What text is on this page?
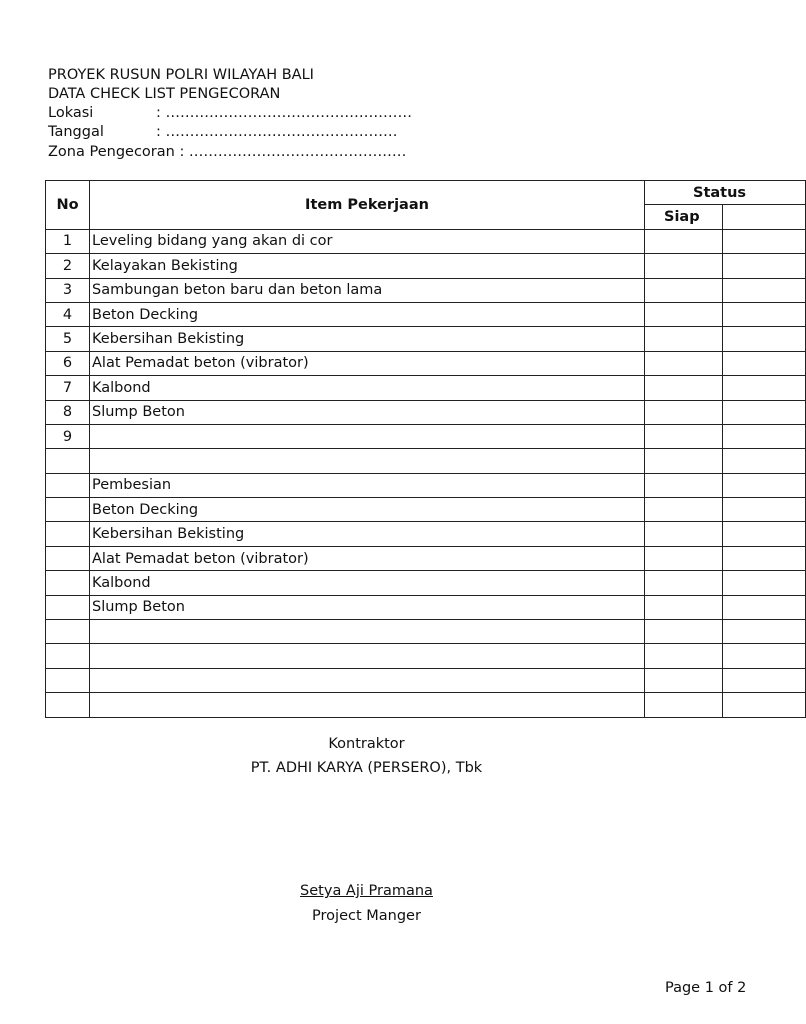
PROYEK RUSUN POLRI WILAYAH BALI
DATA CHECK LIST PENGECORAN
Lokasi	: ……………………………………………
Tanggal	: …………………………………………
Zona Pengecoran : ………………………………………
No	Item Pekerjaan	Status	
		Siap	
1	Leveling bidang yang akan di cor		
2	Kelayakan Bekisting		
3	Sambungan beton baru dan beton lama		
4	Beton Decking		
5	Kebersihan Bekisting		
6	Alat Pemadat beton (vibrator)		
7	Kalbond		
8	Slump Beton		
9			

	Pembesian		
	Beton Decking		
	Kebersihan Bekisting		
	Alat Pemadat beton (vibrator)		
	Kalbond		
	Slump Beton		

Kontraktor
PT. ADHI KARYA (PERSERO), Tbk
Setya Aji Pramana
Project Manger
Page 1 of 2
